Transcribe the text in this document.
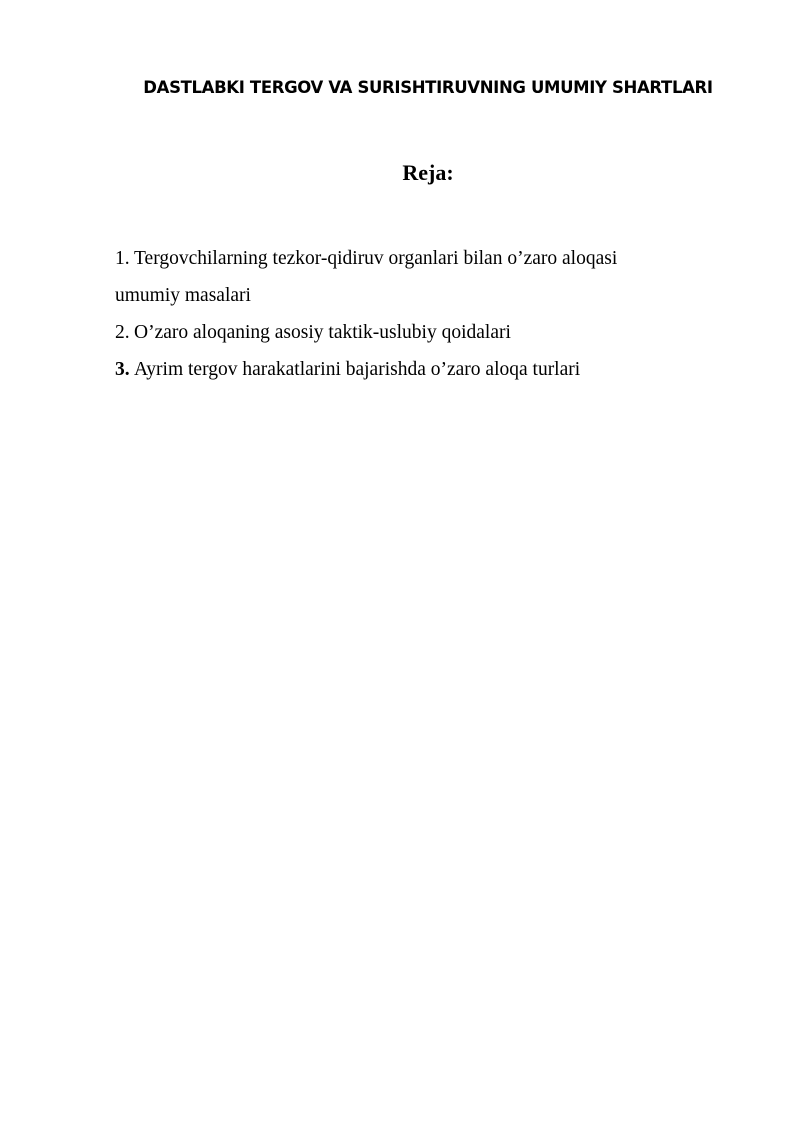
DASTLABKI TERGOV VA SURISHTIRUVNING UMUMIY SHARTLARI
Reja:
1. Tergovchilarning tezkor-qidiruv organlari bilan o’zaro aloqasi
umumiy masalari
2. O’zaro aloqaning asosiy taktik-uslubiy qoidalari
3. Ayrim tergov harakatlarini bajarishda o’zaro aloqa turlari
